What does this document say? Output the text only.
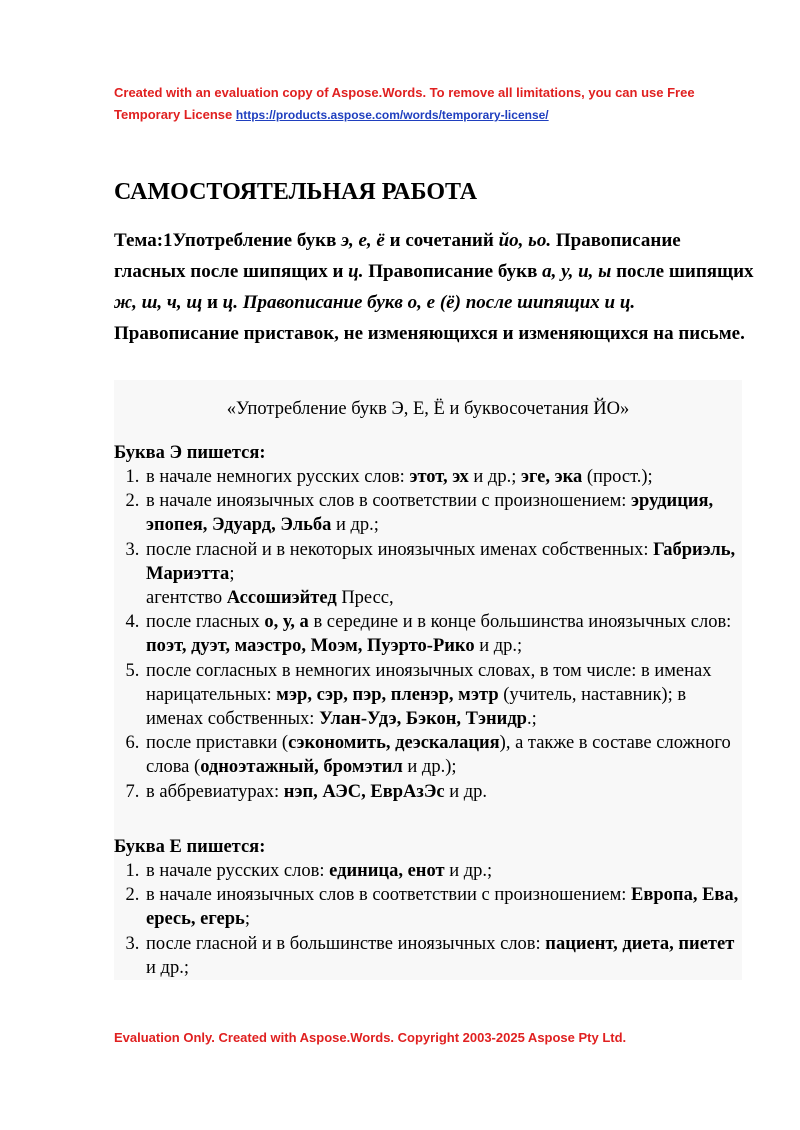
Created with an evaluation copy of Aspose.Words. To remove all limitations, you can use Free Temporary License https://products.aspose.com/words/temporary-license/
САМОСТОЯТЕЛЬНАЯ РАБОТА
Тема:1Употребление букв э, е, ё и сочетаний йо, ьо. Правописание гласных после шипящих и ц. Правописание букв а, у, и, ы после шипящих ж, ш, ч, щ и ц. Правописание букв о, е (ё) после шипящих и ц. Правописание приставок, не изменяющихся и изменяющихся на письме.
«Употребление букв Э, Е, Ё и буквосочетания ЙО»
Буква Э пишется:
1. в начале немногих русских слов: этот, эх и др.; эге, эка (прост.);
2. в начале иноязычных слов в соответствии с произношением: эрудиция, эпопея, Эдуард, Эльба и др.;
3. после гласной и в некоторых иноязычных именах собственных: Габриэль, Мариэтта;
агентство Ассошиэйтед Пресс,
4. после гласных о, у, а в середине и в конце большинства иноязычных слов: поэт, дуэт, маэстро, Моэм, Пуэрто-Рико и др.;
5. после согласных в немногих иноязычных словах, в том числе: в именах нарицательных: мэр, сэр, пэр, пленэр, мэтр (учитель, наставник); в именах собственных: Улан-Удэ, Бэкон, Тэнидр.;
6. после приставки (сэкономить, деэскалация), а также в составе сложного слова (одноэтажный, бромэтил и др.);
7. в аббревиатурах: нэп, АЭС, ЕврАзЭс и др.
Буква Е пишется:
1. в начале русских слов: единица, енот и др.;
2. в начале иноязычных слов в соответствии с произношением: Европа, Ева, ересь, егерь;
3. после гласной и в большинстве иноязычных слов: пациент, диета, пиетет и др.;
Evaluation Only. Created with Aspose.Words. Copyright 2003-2025 Aspose Pty Ltd.
